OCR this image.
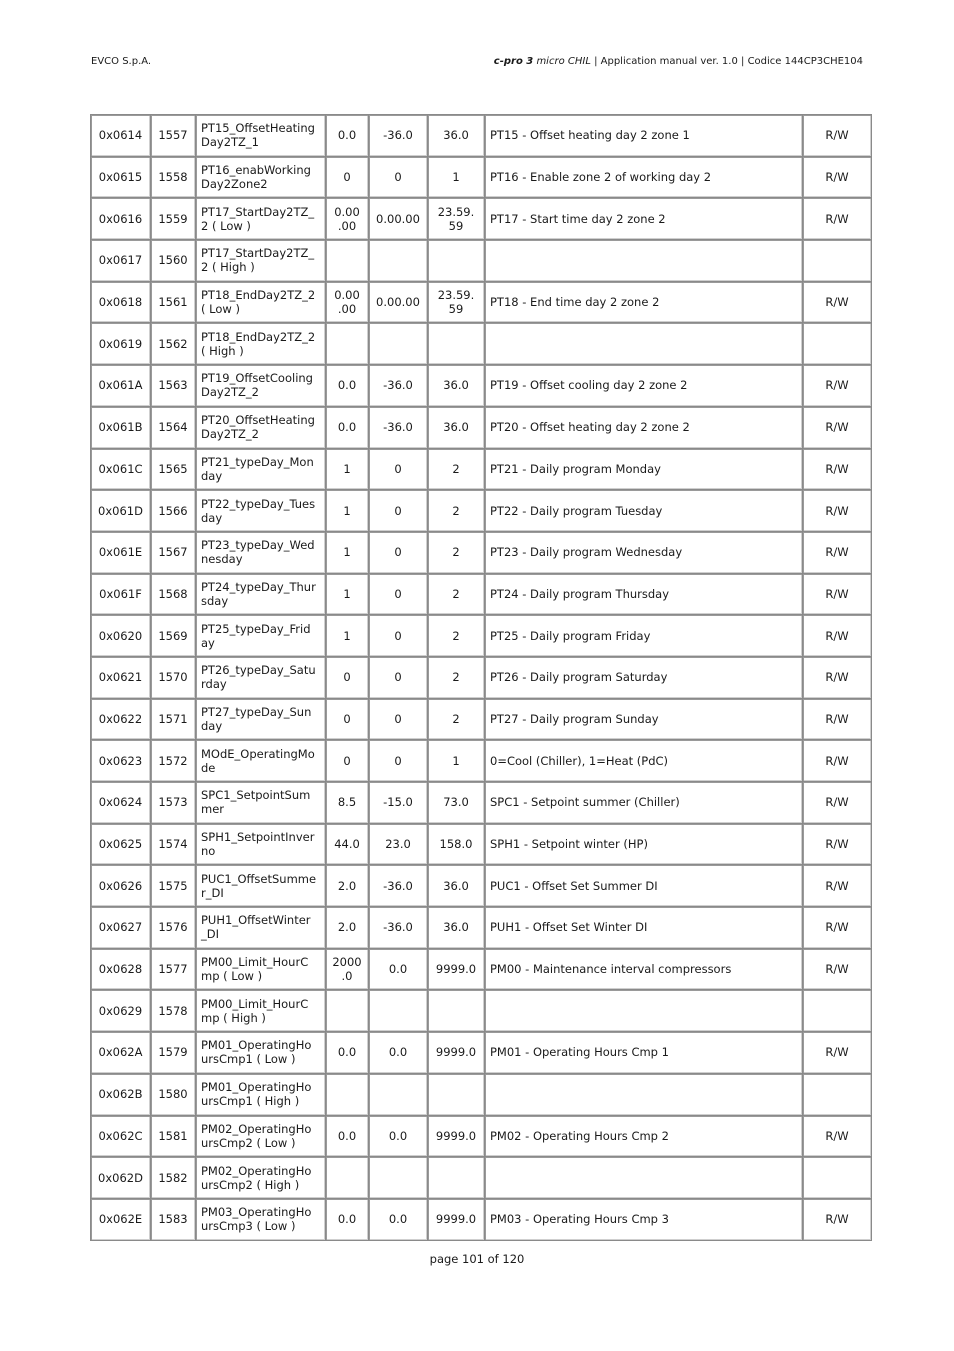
EVCO S.p.A.	c-pro 3 micro CHIL | Application manual ver. 1.0 | Codice 144CP3CHE104
0x0614	1557	PT15_OffsetHeating Day2TZ_1	0.0	-36.0	36.0	PT15 - Offset heating day 2 zone 1	R/W
0x0615	1558	PT16_enabWorking Day2Zone2	0	0	1	PT16 - Enable zone 2 of working day 2	R/W
0x0616	1559	PT17_StartDay2TZ_ 2 ( Low )	0.00 .00	0.00.00	23.59. 59	PT17 - Start time day 2 zone 2	R/W
0x0617	1560	PT17_StartDay2TZ_ 2 ( High )					
0x0618	1561	PT18_EndDay2TZ_2 ( Low )	0.00 .00	0.00.00	23.59. 59	PT18 - End time day 2 zone 2	R/W
0x0619	1562	PT18_EndDay2TZ_2 ( High )					
0x061A	1563	PT19_OffsetCooling Day2TZ_2	0.0	-36.0	36.0	PT19 - Offset cooling day 2 zone 2	R/W
0x061B	1564	PT20_OffsetHeating Day2TZ_2	0.0	-36.0	36.0	PT20 - Offset heating day 2 zone 2	R/W
0x061C	1565	PT21_typeDay_Mon day	1	0	2	PT21 - Daily program Monday	R/W
0x061D	1566	PT22_typeDay_Tues day	1	0	2	PT22 - Daily program Tuesday	R/W
0x061E	1567	PT23_typeDay_Wed nesday	1	0	2	PT23 - Daily program Wednesday	R/W
0x061F	1568	PT24_typeDay_Thur sday	1	0	2	PT24 - Daily program Thursday	R/W
0x0620	1569	PT25_typeDay_Frid ay	1	0	2	PT25 - Daily program Friday	R/W
0x0621	1570	PT26_typeDay_Satu rday	0	0	2	PT26 - Daily program Saturday	R/W
0x0622	1571	PT27_typeDay_Sun day	0	0	2	PT27 - Daily program Sunday	R/W
0x0623	1572	MOdE_OperatingMo de	0	0	1	0=Cool (Chiller), 1=Heat (PdC)	R/W
0x0624	1573	SPC1_SetpointSum mer	8.5	-15.0	73.0	SPC1 - Setpoint summer (Chiller)	R/W
0x0625	1574	SPH1_SetpointInver no	44.0	23.0	158.0	SPH1 - Setpoint winter (HP)	R/W
0x0626	1575	PUC1_OffsetSumme r_DI	2.0	-36.0	36.0	PUC1 - Offset Set Summer DI	R/W
0x0627	1576	PUH1_OffsetWinter _DI	2.0	-36.0	36.0	PUH1 - Offset Set Winter DI	R/W
0x0628	1577	PM00_Limit_HourC mp ( Low )	2000 .0	0.0	9999.0	PM00 - Maintenance interval compressors	R/W
0x0629	1578	PM00_Limit_HourC mp ( High )					
0x062A	1579	PM01_OperatingHo ursCmp1 ( Low )	0.0	0.0	9999.0	PM01 - Operating Hours Cmp 1	R/W
0x062B	1580	PM01_OperatingHo ursCmp1 ( High )					
0x062C	1581	PM02_OperatingHo ursCmp2 ( Low )	0.0	0.0	9999.0	PM02 - Operating Hours Cmp 2	R/W
0x062D	1582	PM02_OperatingHo ursCmp2 ( High )					
0x062E	1583	PM03_OperatingHo ursCmp3 ( Low )	0.0	0.0	9999.0	PM03 - Operating Hours Cmp 3	R/W
page 101 of 120
